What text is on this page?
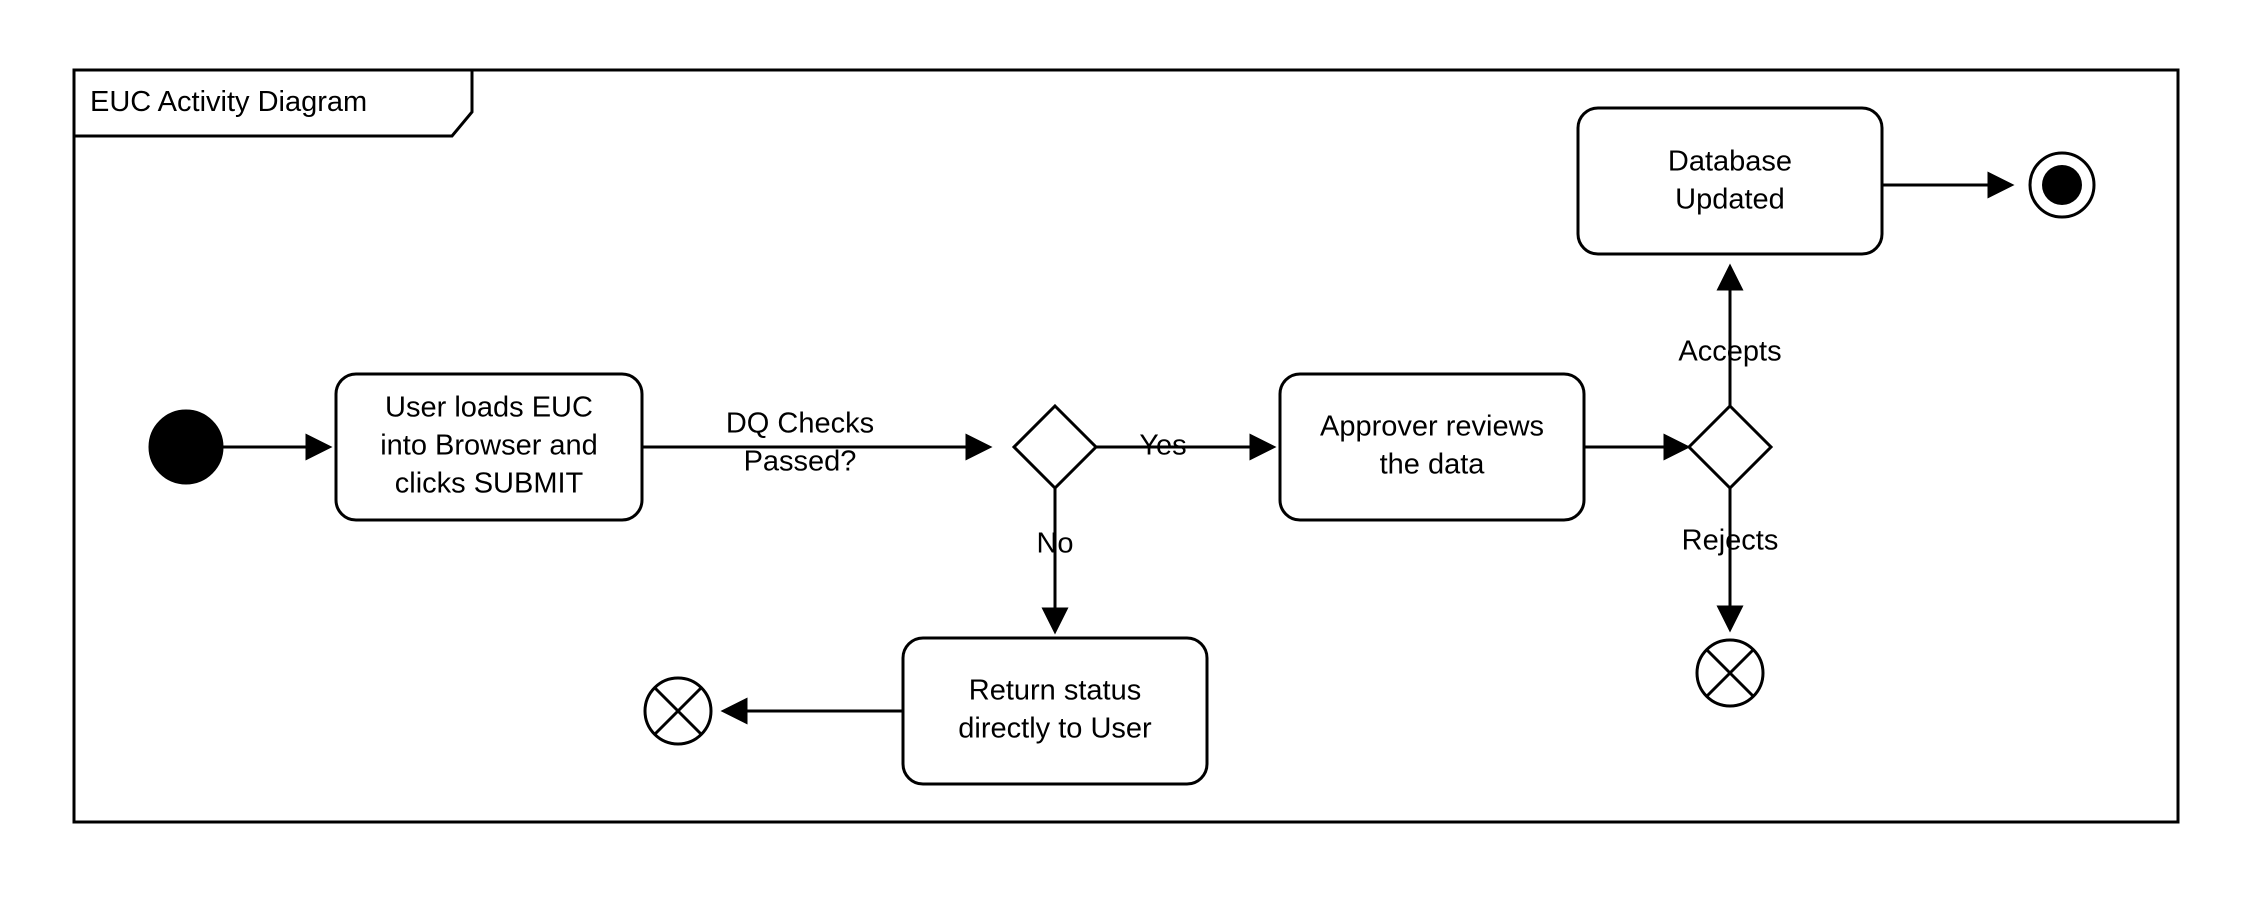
EUC Activity Diagram
User loads EUC
into Browser and
clicks SUBMIT
DQ Checks
Passed?	Yes
No
Approver reviews
the data
Accepts
Rejects
Database
Updated
Return status
directly to User
